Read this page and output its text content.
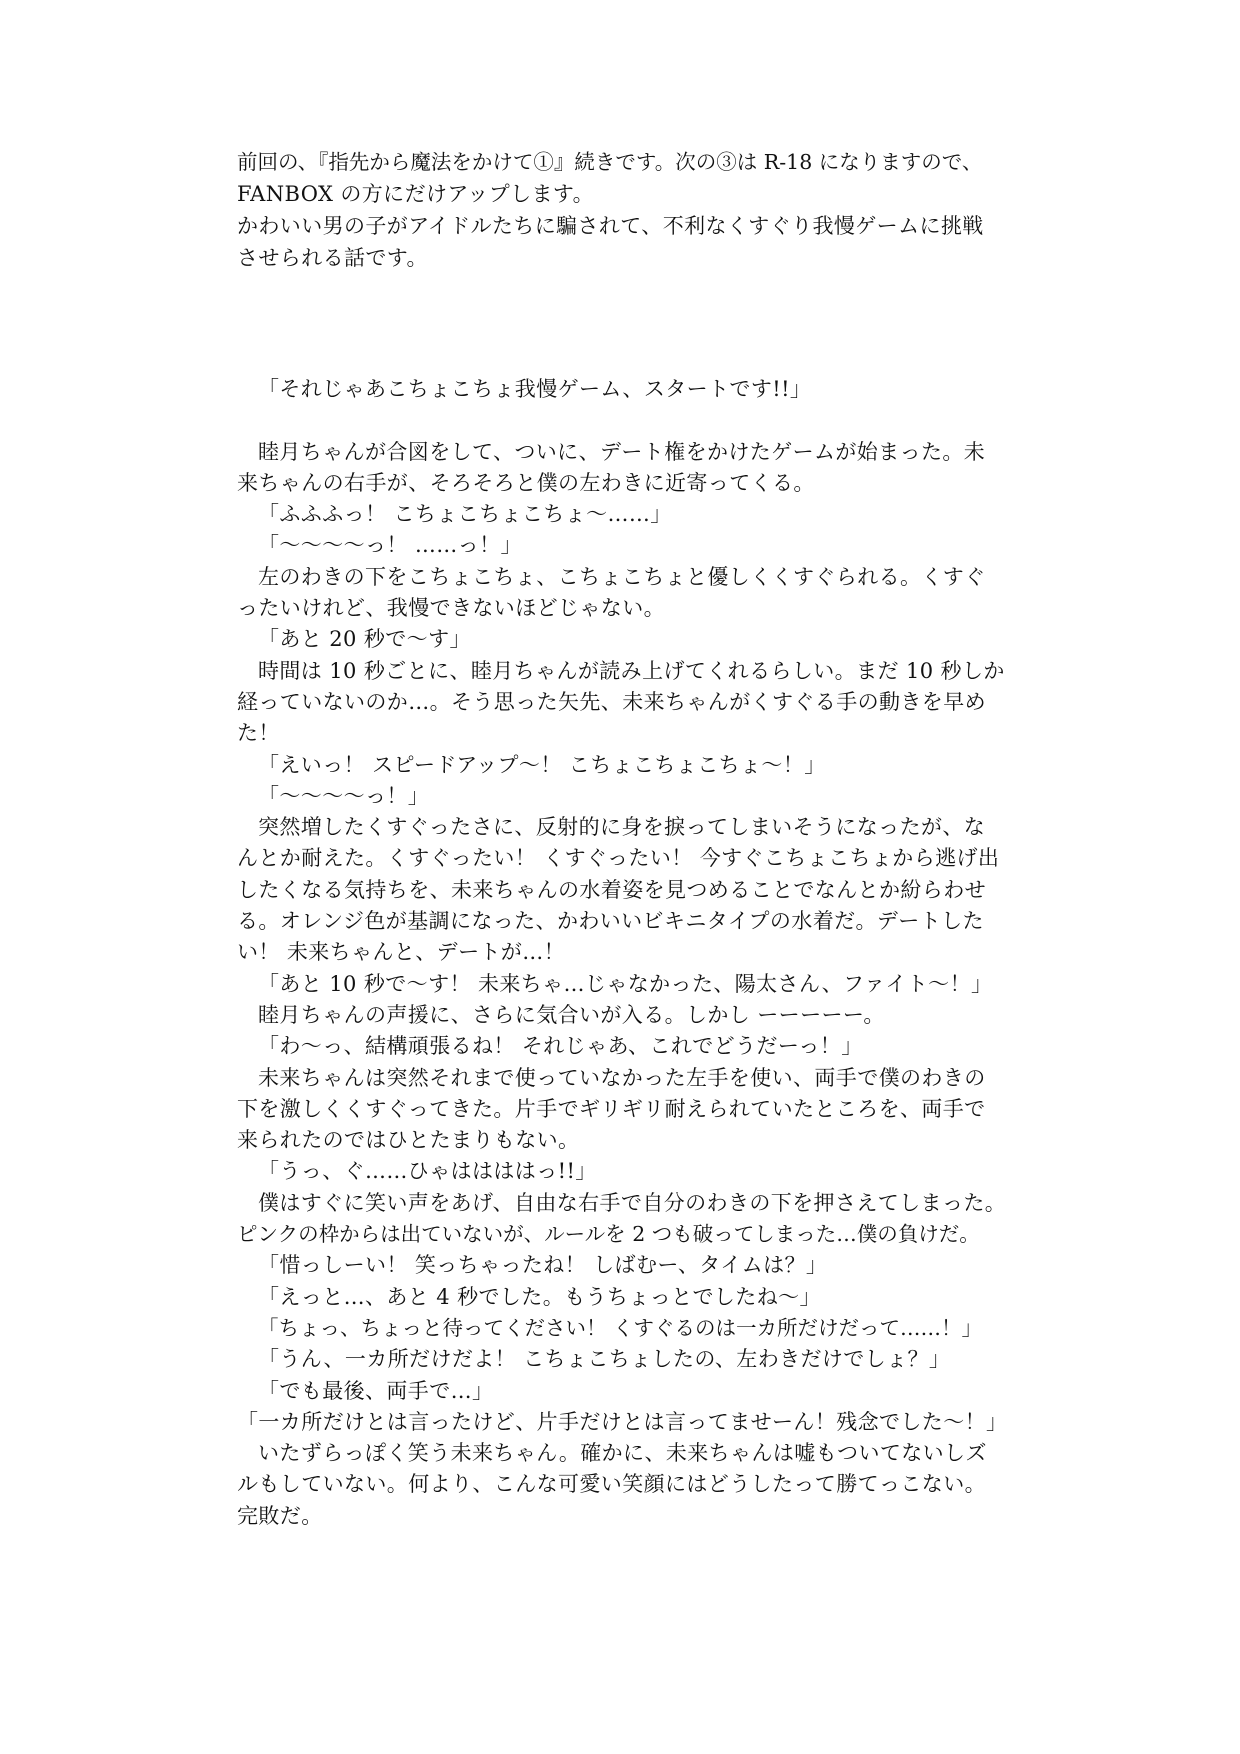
前回の、『指先から魔法をかけて①』続きです。次の③は R-18 になりますので、
FANBOX の方にだけアップします。
かわいい男の子がアイドルたちに騙されて、不利なくすぐり我慢ゲームに挑戦
させられる話です。
「それじゃあこちょこちょ我慢ゲーム、スタートです!!」
睦月ちゃんが合図をして、ついに、デート権をかけたゲームが始まった。未
来ちゃんの右手が、そろそろと僕の左わきに近寄ってくる。
「ふふふっ！ こちょこちょこちょ～……」
「～～～～っ！ ……っ！」
左のわきの下をこちょこちょ、こちょこちょと優しくくすぐられる。くすぐ
ったいけれど、我慢できないほどじゃない。
「あと 20 秒で～す」
時間は 10 秒ごとに、睦月ちゃんが読み上げてくれるらしい。まだ 10 秒しか
経っていないのか…。そう思った矢先、未来ちゃんがくすぐる手の動きを早め
た！
「えいっ！ スピードアップ～！ こちょこちょこちょ～！」
「～～～～っ！」
突然増したくすぐったさに、反射的に身を捩ってしまいそうになったが、な
んとか耐えた。くすぐったい！ くすぐったい！ 今すぐこちょこちょから逃げ出
したくなる気持ちを、未来ちゃんの水着姿を見つめることでなんとか紛らわせ
る。オレンジ色が基調になった、かわいいビキニタイプの水着だ。デートした
い！ 未来ちゃんと、デートが…！
「あと 10 秒で～す！ 未来ちゃ…じゃなかった、陽太さん、ファイト～！」
睦月ちゃんの声援に、さらに気合いが入る。しかし ーーーーー。
「わ～っ、結構頑張るね！ それじゃあ、これでどうだーっ！」
未来ちゃんは突然それまで使っていなかった左手を使い、両手で僕のわきの
下を激しくくすぐってきた。片手でギリギリ耐えられていたところを、両手で
来られたのではひとたまりもない。
「うっ、ぐ……ひゃははははっ!!」
僕はすぐに笑い声をあげ、自由な右手で自分のわきの下を押さえてしまった。
ピンクの枠からは出ていないが、ルールを 2 つも破ってしまった…僕の負けだ。
「惜っしーい！ 笑っちゃったね！ しばむー、タイムは？」
「えっと…、あと 4 秒でした。もうちょっとでしたね～」
「ちょっ、ちょっと待ってください！ くすぐるのは一カ所だけだって……！」
「うん、一カ所だけだよ！ こちょこちょしたの、左わきだけでしょ？」
「でも最後、両手で…」
「一カ所だけとは言ったけど、片手だけとは言ってませーん！残念でした～！」
いたずらっぽく笑う未来ちゃん。確かに、未来ちゃんは嘘もついてないしズ
ルもしていない。何より、こんな可愛い笑顔にはどうしたって勝てっこない。
完敗だ。
